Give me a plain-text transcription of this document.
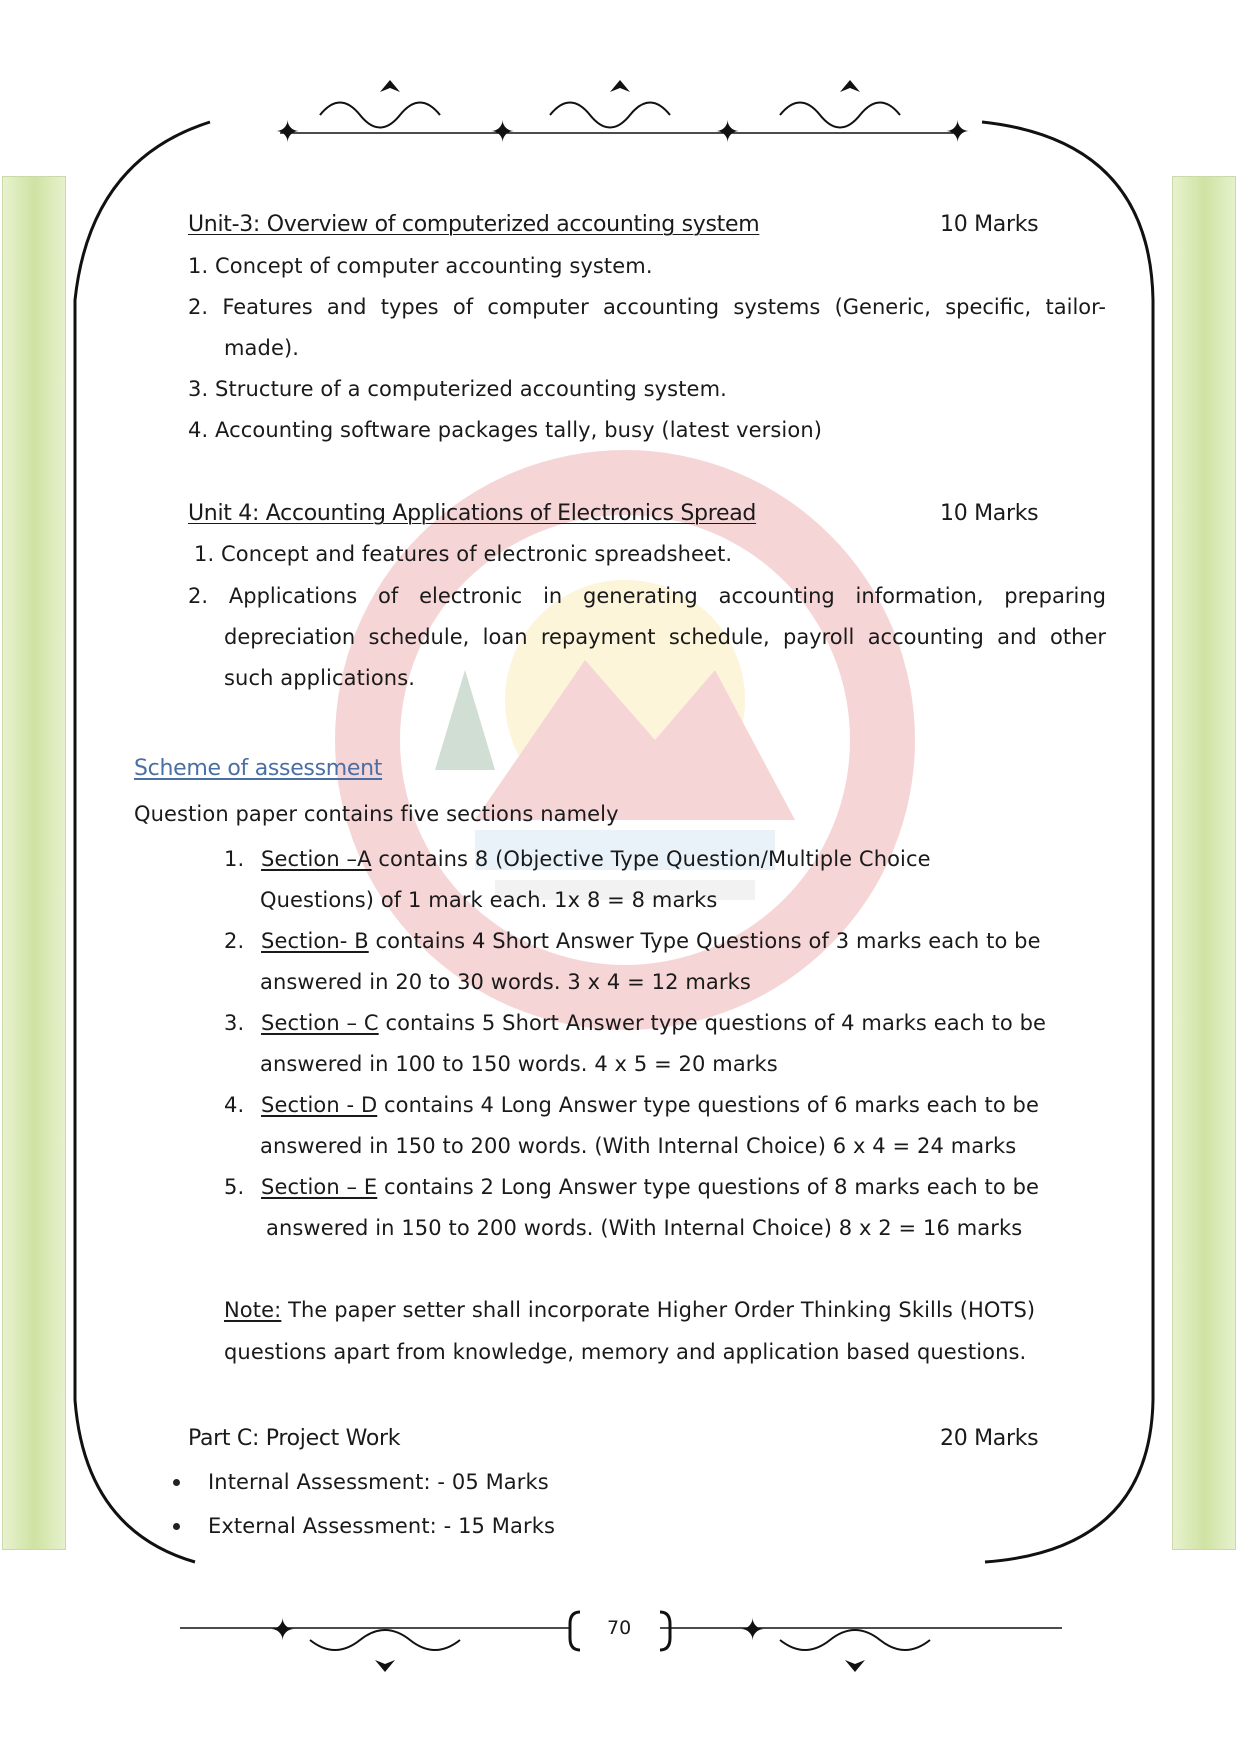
✦	✦	✦	✦
✦	✦
Unit-3: Overview of computerized accounting system	10 Marks
1. Concept of computer accounting system.
2. Features and types of computer accounting systems (Generic, specific, tailor-
made).
3. Structure of a computerized accounting system.
4. Accounting software packages tally, busy (latest version)
Unit 4: Accounting Applications of Electronics Spread	10 Marks
1. Concept and features of electronic spreadsheet.
2. Applications of electronic in generating accounting information, preparing
depreciation schedule, loan repayment schedule, payroll accounting and other
such applications.
Scheme of assessment
Question paper contains five sections namely
1. Section –A contains 8 (Objective Type Question/Multiple Choice
Questions) of 1 mark each. 1x 8 = 8 marks
2. Section- B contains 4 Short Answer Type Questions of 3 marks each to be
answered in 20 to 30 words. 3 x 4 = 12 marks
3. Section – C contains 5 Short Answer type questions of 4 marks each to be
answered in 100 to 150 words. 4 x 5 = 20 marks
4. Section - D contains 4 Long Answer type questions of 6 marks each to be
answered in 150 to 200 words. (With Internal Choice) 6 x 4 = 24 marks
5. Section – E contains 2 Long Answer type questions of 8 marks each to be
answered in 150 to 200 words. (With Internal Choice) 8 x 2 = 16 marks
Note: The paper setter shall incorporate Higher Order Thinking Skills (HOTS)
questions apart from knowledge, memory and application based questions.
Part C: Project Work	20 Marks
Internal Assessment: - 05 Marks
External Assessment: - 15 Marks
70
